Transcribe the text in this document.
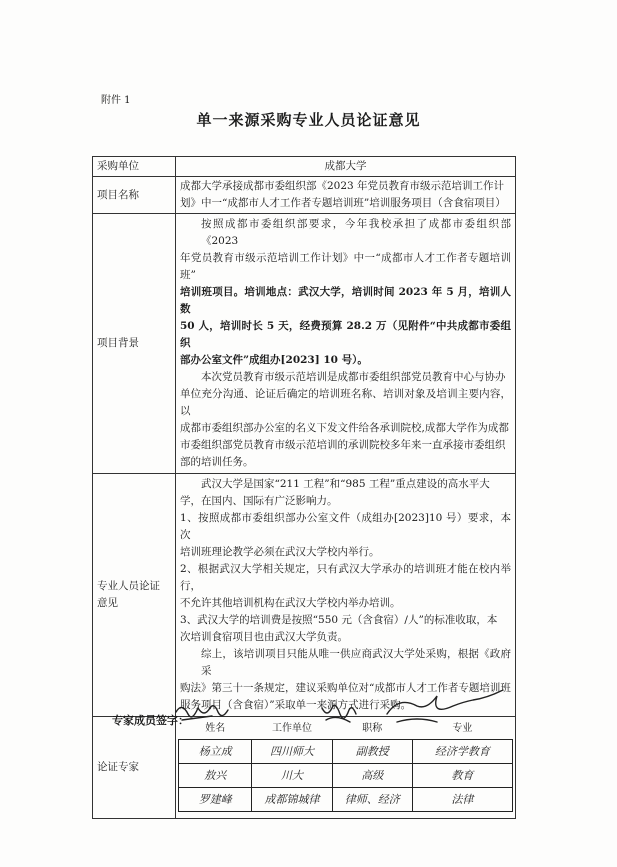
附件 1
单一来源采购专业人员论证意见
采购单位	成都大学
项目名称	
成都大学承接成都市委组织部《2023 年党员教育市级示范培训工作计
划》中一“成都市人才工作者专题培训班”培训服务项目（含食宿项目）

项目背景	
按照成都市委组织部要求，今年我校承担了成都市委组织部《2023
年党员教育市级示范培训工作计划》中一“成都市人才工作者专题培训班”
培训班项目。培训地点：武汉大学，培训时间 2023 年 5 月，培训人数
50 人，培训时长 5 天，经费预算 28.2 万（见附件“中共成都市委组织
部办公室文件”成组办[2023] 10 号）。
本次党员教育市级示范培训是成都市委组织部党员教育中心与协办
单位充分沟通、论证后确定的培训班名称、培训对象及培训主要内容，以
成都市委组织部办公室的名义下发文件给各承训院校,成都大学作为成都
市委组织部党员教育市级示范培训的承训院校多年来一直承接市委组织
部的培训任务。

专业人员论证
意见

武汉大学是国家“211 工程”和“985 工程”重点建设的高水平大
学，在国内、国际有广泛影响力。
1、按照成都市委组织部办公室文件（成组办[2023]10 号）要求，本次
培训班理论教学必须在武汉大学校内举行。
2、根据武汉大学相关规定，只有武汉大学承办的培训班才能在校内举行，
不允许其他培训机构在武汉大学校内举办培训。
3、武汉大学的培训费是按照“550 元（含食宿）/人”的标准收取，本
次培训食宿项目也由武汉大学负责。
综上，该培训项目只能从唯一供应商武汉大学处采购，根据《政府采
购法》第三十一条规定，建议采购单位对“成都市人才工作者专题培训班
服务项目（含食宿）”采取单一来源方式进行采购。

论证专家	
姓名	工作单位	职称	专业
杨立成	四川师大	副教授	经济学教育
敖兴	川大	高级	教育
罗建峰	成都锦城律	律师、经济	法律
专家成员签字：
